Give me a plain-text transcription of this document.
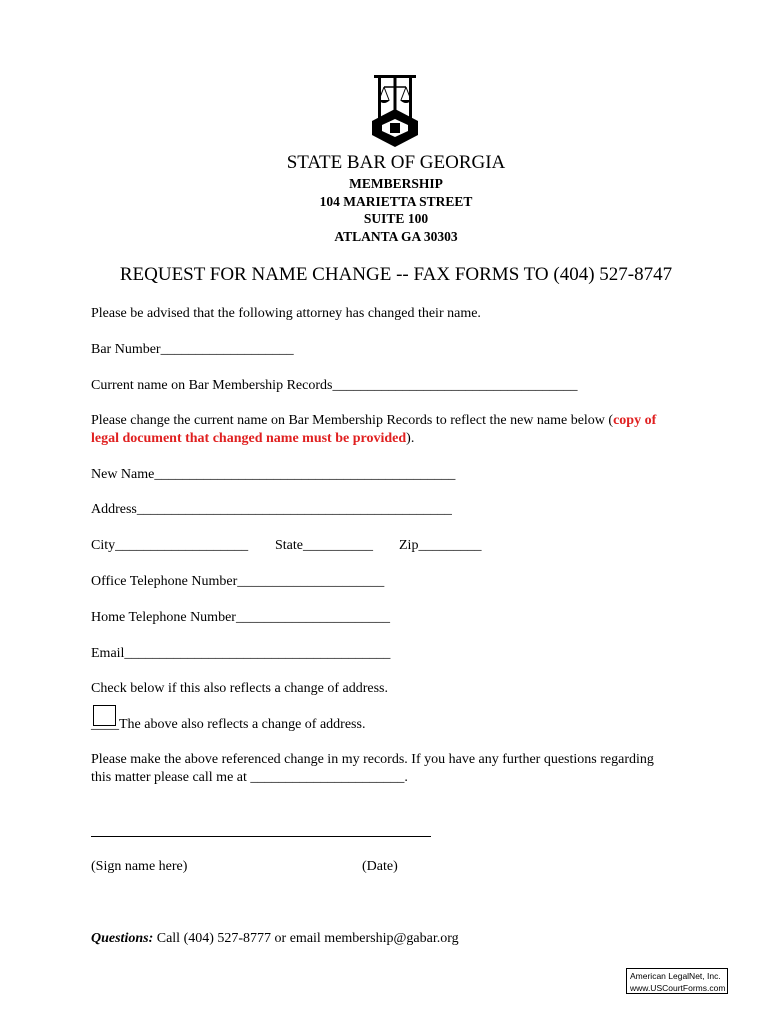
STATE BAR OF GEORGIA
MEMBERSHIP
104 MARIETTA STREET
SUITE 100
ATLANTA GA 30303
REQUEST FOR NAME CHANGE -- FAX FORMS TO (404) 527-8747
Please be advised that the following attorney has changed their name.
Bar Number___________________
Current name on Bar Membership Records___________________________________
Please change the current name on Bar Membership Records to reflect the new name below (copy of
legal document that changed name must be provided).
New Name___________________________________________
Address_____________________________________________
City___________________ State__________ Zip_________
Office Telephone Number_____________________
Home Telephone Number______________________
Email______________________________________
Check below if this also reflects a change of address.
____The above also reflects a change of address.
Please make the above referenced change in my records. If you have any further questions regarding
this matter please call me at ______________________.
(Sign name here)	(Date)
Questions: Call (404) 527-8777 or email membership@gabar.org
American LegalNet, Inc.
www.USCourtForms.com
